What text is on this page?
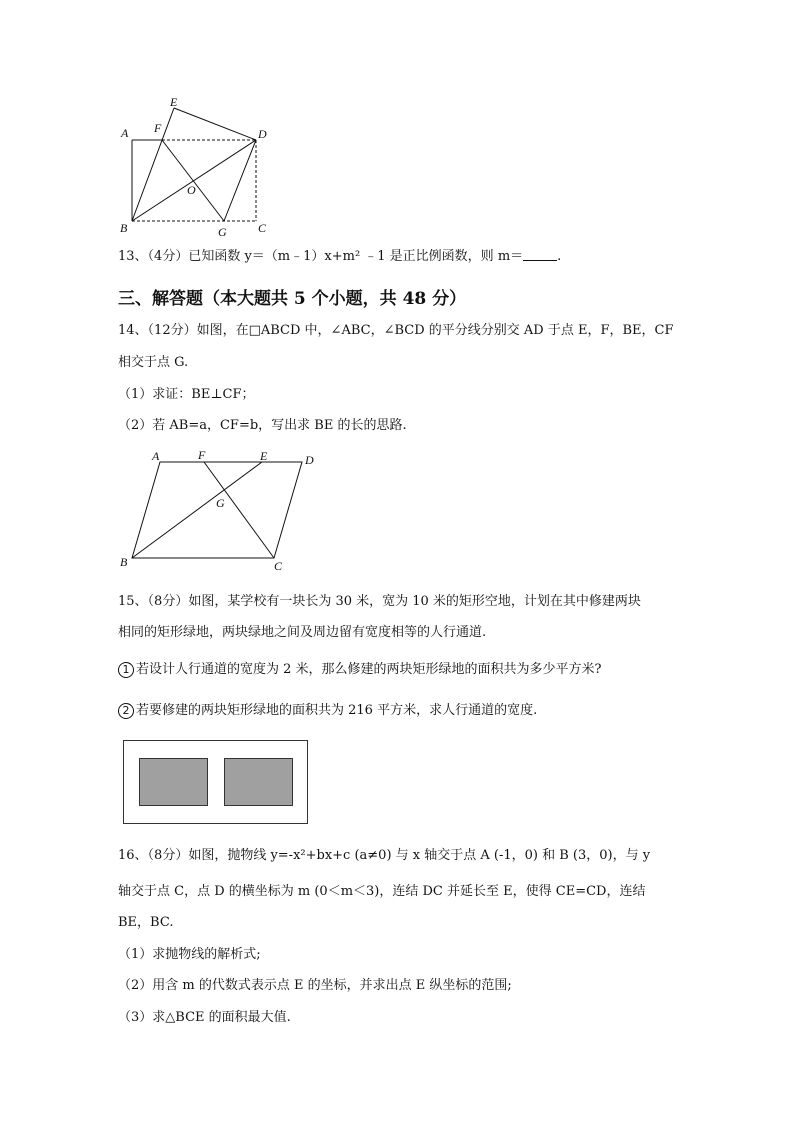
A
B	C
D
E
F
G
O
13、（4分）已知函数 y＝（m﹣1）x+m² ﹣1 是正比例函数，则 m＝	.
三、解答题（本大题共 5 个小题，共 48 分）
14、（12分）如图，在□ABCD 中，∠ABC，∠BCD 的平分线分别交 AD 于点 E，F，BE，CF
相交于点 G.
（1）求证：BE⊥CF；
（2）若 AB=a，CF=b，写出求 BE 的长的思路.
A	D
F	E
G
B	C
15、（8分）如图，某学校有一块长为 30 米，宽为 10 米的矩形空地，计划在其中修建两块
相同的矩形绿地，两块绿地之间及周边留有宽度相等的人行通道.
1 若设计人行通道的宽度为 2 米，那么修建的两块矩形绿地的面积共为多少平方米?
2 若要修建的两块矩形绿地的面积共为 216 平方米，求人行通道的宽度.
16、（8分）如图，抛物线 y=-x²+bx+c (a≠0) 与 x 轴交于点 A (-1，0) 和 B (3，0)，与 y
轴交于点 C，点 D 的横坐标为 m (0＜m＜3)，连结 DC 并延长至 E，使得 CE=CD，连结
BE，BC.
（1）求抛物线的解析式;
（2）用含 m 的代数式表示点 E 的坐标，并求出点 E 纵坐标的范围;
（3）求△BCE 的面积最大值.
